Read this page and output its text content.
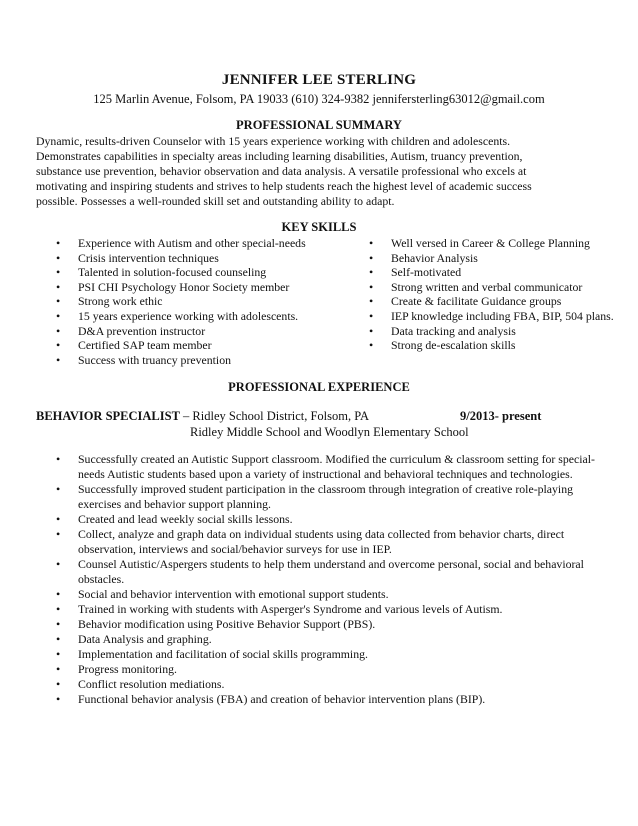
JENNIFER LEE STERLING
125 Marlin Avenue, Folsom, PA 19033 (610) 324-9382 jennifersterling63012@gmail.com
PROFESSIONAL SUMMARY
Dynamic, results-driven Counselor with 15 years experience working with children and adolescents.
Demonstrates capabilities in specialty areas including learning disabilities, Autism, truancy prevention,
substance use prevention, behavior observation and data analysis. A versatile professional who excels at
motivating and inspiring students and strives to help students reach the highest level of academic success
possible. Possesses a well-rounded skill set and outstanding ability to adapt.
KEY SKILLS
• Experience with Autism and other special-needs
• Crisis intervention techniques
• Talented in solution-focused counseling
• PSI CHI Psychology Honor Society member
• Strong work ethic
• 15 years experience working with adolescents.
• D&A prevention instructor
• Certified SAP team member
• Success with truancy prevention
• Well versed in Career & College Planning
• Behavior Analysis
• Self-motivated
• Strong written and verbal communicator
• Create & facilitate Guidance groups
• IEP knowledge including FBA, BIP, 504 plans.
• Data tracking and analysis
• Strong de-escalation skills
PROFESSIONAL EXPERIENCE
BEHAVIOR SPECIALIST – Ridley School District, Folsom, PA	9/2013- present
Ridley Middle School and Woodlyn Elementary School
• Successfully created an Autistic Support classroom. Modified the curriculum & classroom setting for special-needs Autistic students based upon a variety of instructional and behavioral techniques and technologies.
• Successfully improved student participation in the classroom through integration of creative role-playing exercises and behavior support planning.
• Created and lead weekly social skills lessons.
• Collect, analyze and graph data on individual students using data collected from behavior charts, direct observation, interviews and social/behavior surveys for use in IEP.
• Counsel Autistic/Aspergers students to help them understand and overcome personal, social and behavioral obstacles.
• Social and behavior intervention with emotional support students.
• Trained in working with students with Asperger's Syndrome and various levels of Autism.
• Behavior modification using Positive Behavior Support (PBS).
• Data Analysis and graphing.
• Implementation and facilitation of social skills programming.
• Progress monitoring.
• Conflict resolution mediations.
• Functional behavior analysis (FBA) and creation of behavior intervention plans (BIP).
